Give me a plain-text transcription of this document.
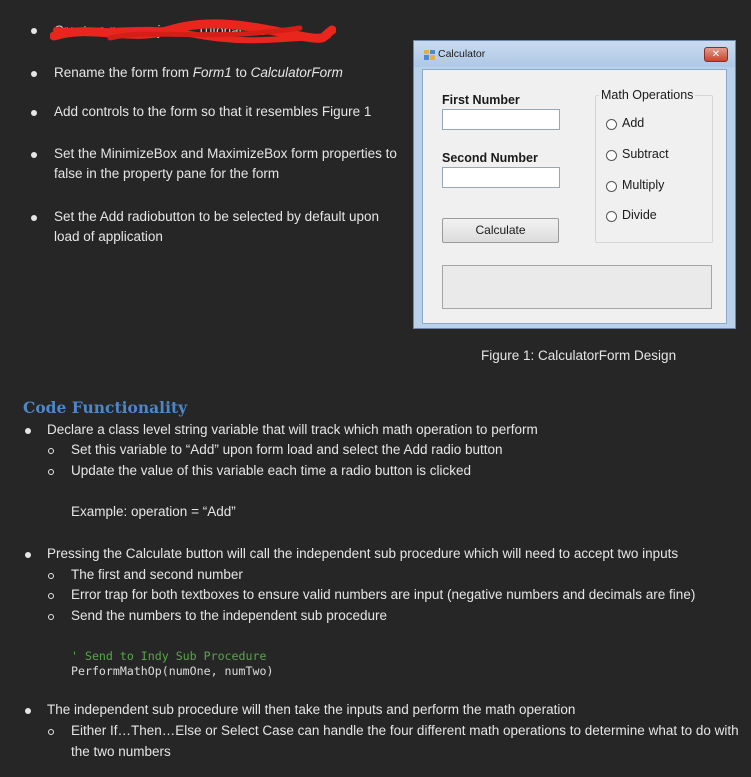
Create a new project ... Tutorial 5-1
Rename the form from Form1 to CalculatorForm
Add controls to the form so that it resembles Figure 1
Set the MinimizeBox and MaximizeBox form properties to
false in the property pane for the form
Set the Add radiobutton to be selected by default upon
load of application
Calculator	✕
First Number
Second Number
Calculate
Math Operations
Add
Subtract
Multiply
Divide
Figure 1: CalculatorForm Design
Code Functionality
Declare a class level string variable that will track which math operation to perform
Set this variable to “Add” upon form load and select the Add radio button
Update the value of this variable each time a radio button is clicked
Example: operation = “Add”
Pressing the Calculate button will call the independent sub procedure which will need to accept two inputs
The first and second number
Error trap for both textboxes to ensure valid numbers are input (negative numbers and decimals are fine)
Send the numbers to the independent sub procedure
' Send to Indy Sub Procedure
PerformMathOp(numOne, numTwo)
The independent sub procedure will then take the inputs and perform the math operation
Either If…Then…Else or Select Case can handle the four different math operations to determine what to do with
the two numbers
